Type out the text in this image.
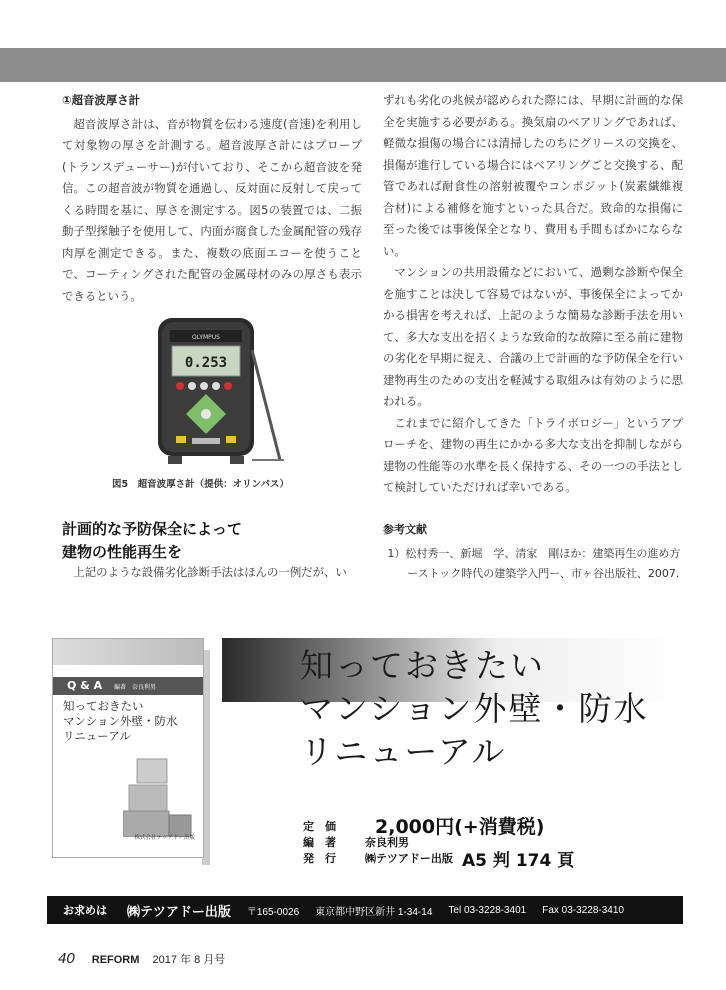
①超音波厚さ計

超音波厚さ計は、音が物質を伝わる速度(音速)を利用して対象物の厚さを計測する。超音波厚さ計にはプローブ(トランスデューサー)が付いており、そこから超音波を発信。この超音波が物質を通過し、反対面に反射して戻ってくる時間を基に、厚さを測定する。図5の装置では、二振動子型探触子を使用して、内面が腐食した金属配管の残存肉厚を測定できる。また、複数の底面エコーを使うことで、コーティングされた配管の金属母材のみの厚さも表示できるという。

OLYMPUS
0.253
図5　超音波厚さ計（提供：オリンパス）
計画的な予防保全によって
建物の性能再生を
上記のような設備劣化診断手法はほんの一例だが、い

ずれも劣化の兆候が認められた際には、早期に計画的な保全を実施する必要がある。換気扇のベアリングであれば、軽微な損傷の場合には清掃したのちにグリースの交換を、損傷が進行している場合にはベアリングごと交換する、配管であれば耐食性の溶射被覆やコンポジット(炭素繊維複合材)による補修を施すといった具合だ。致命的な損傷に至った後では事後保全となり、費用も手間もばかにならない。

マンションの共用設備などにおいて、過剰な診断や保全を施すことは決して容易ではないが、事後保全によってかかる損害を考えれば、上記のような簡易な診断手法を用いて、多大な支出を招くような致命的な故障に至る前に建物の劣化を早期に捉え、合議の上で計画的な予防保全を行い建物再生のための支出を軽減する取組みは有効のように思われる。

これまでに紹介してきた「トライボロジー」というアプローチを、建物の再生にかかる多大な支出を抑制しながら建物の性能等の水準を長く保持する、その一つの手法として検討していただければ幸いである。

参考文献
1）松村秀一、新堀　学、清家　剛ほか：建築再生の進め方ーストック時代の建築学入門ー、市ヶ谷出版社、2007.
Q & A 編著　奈良利男
知っておきたい
マンション外壁・防水
リニューアル
株式会社テツアドー出版
知っておきたい
マンション外壁・防水
リニューアル
定　価
編　著	奈良利男
発　行	㈱テツアドー出版
2,000円(+消費税)
A5 判 174 頁
お求めは ㈱テツアドー出版 〒165-0026 東京都中野区新井 1-34-14 Tel 03-3228-3401 Fax 03-3228-3410
40 REFORM 2017 年 8 月号
